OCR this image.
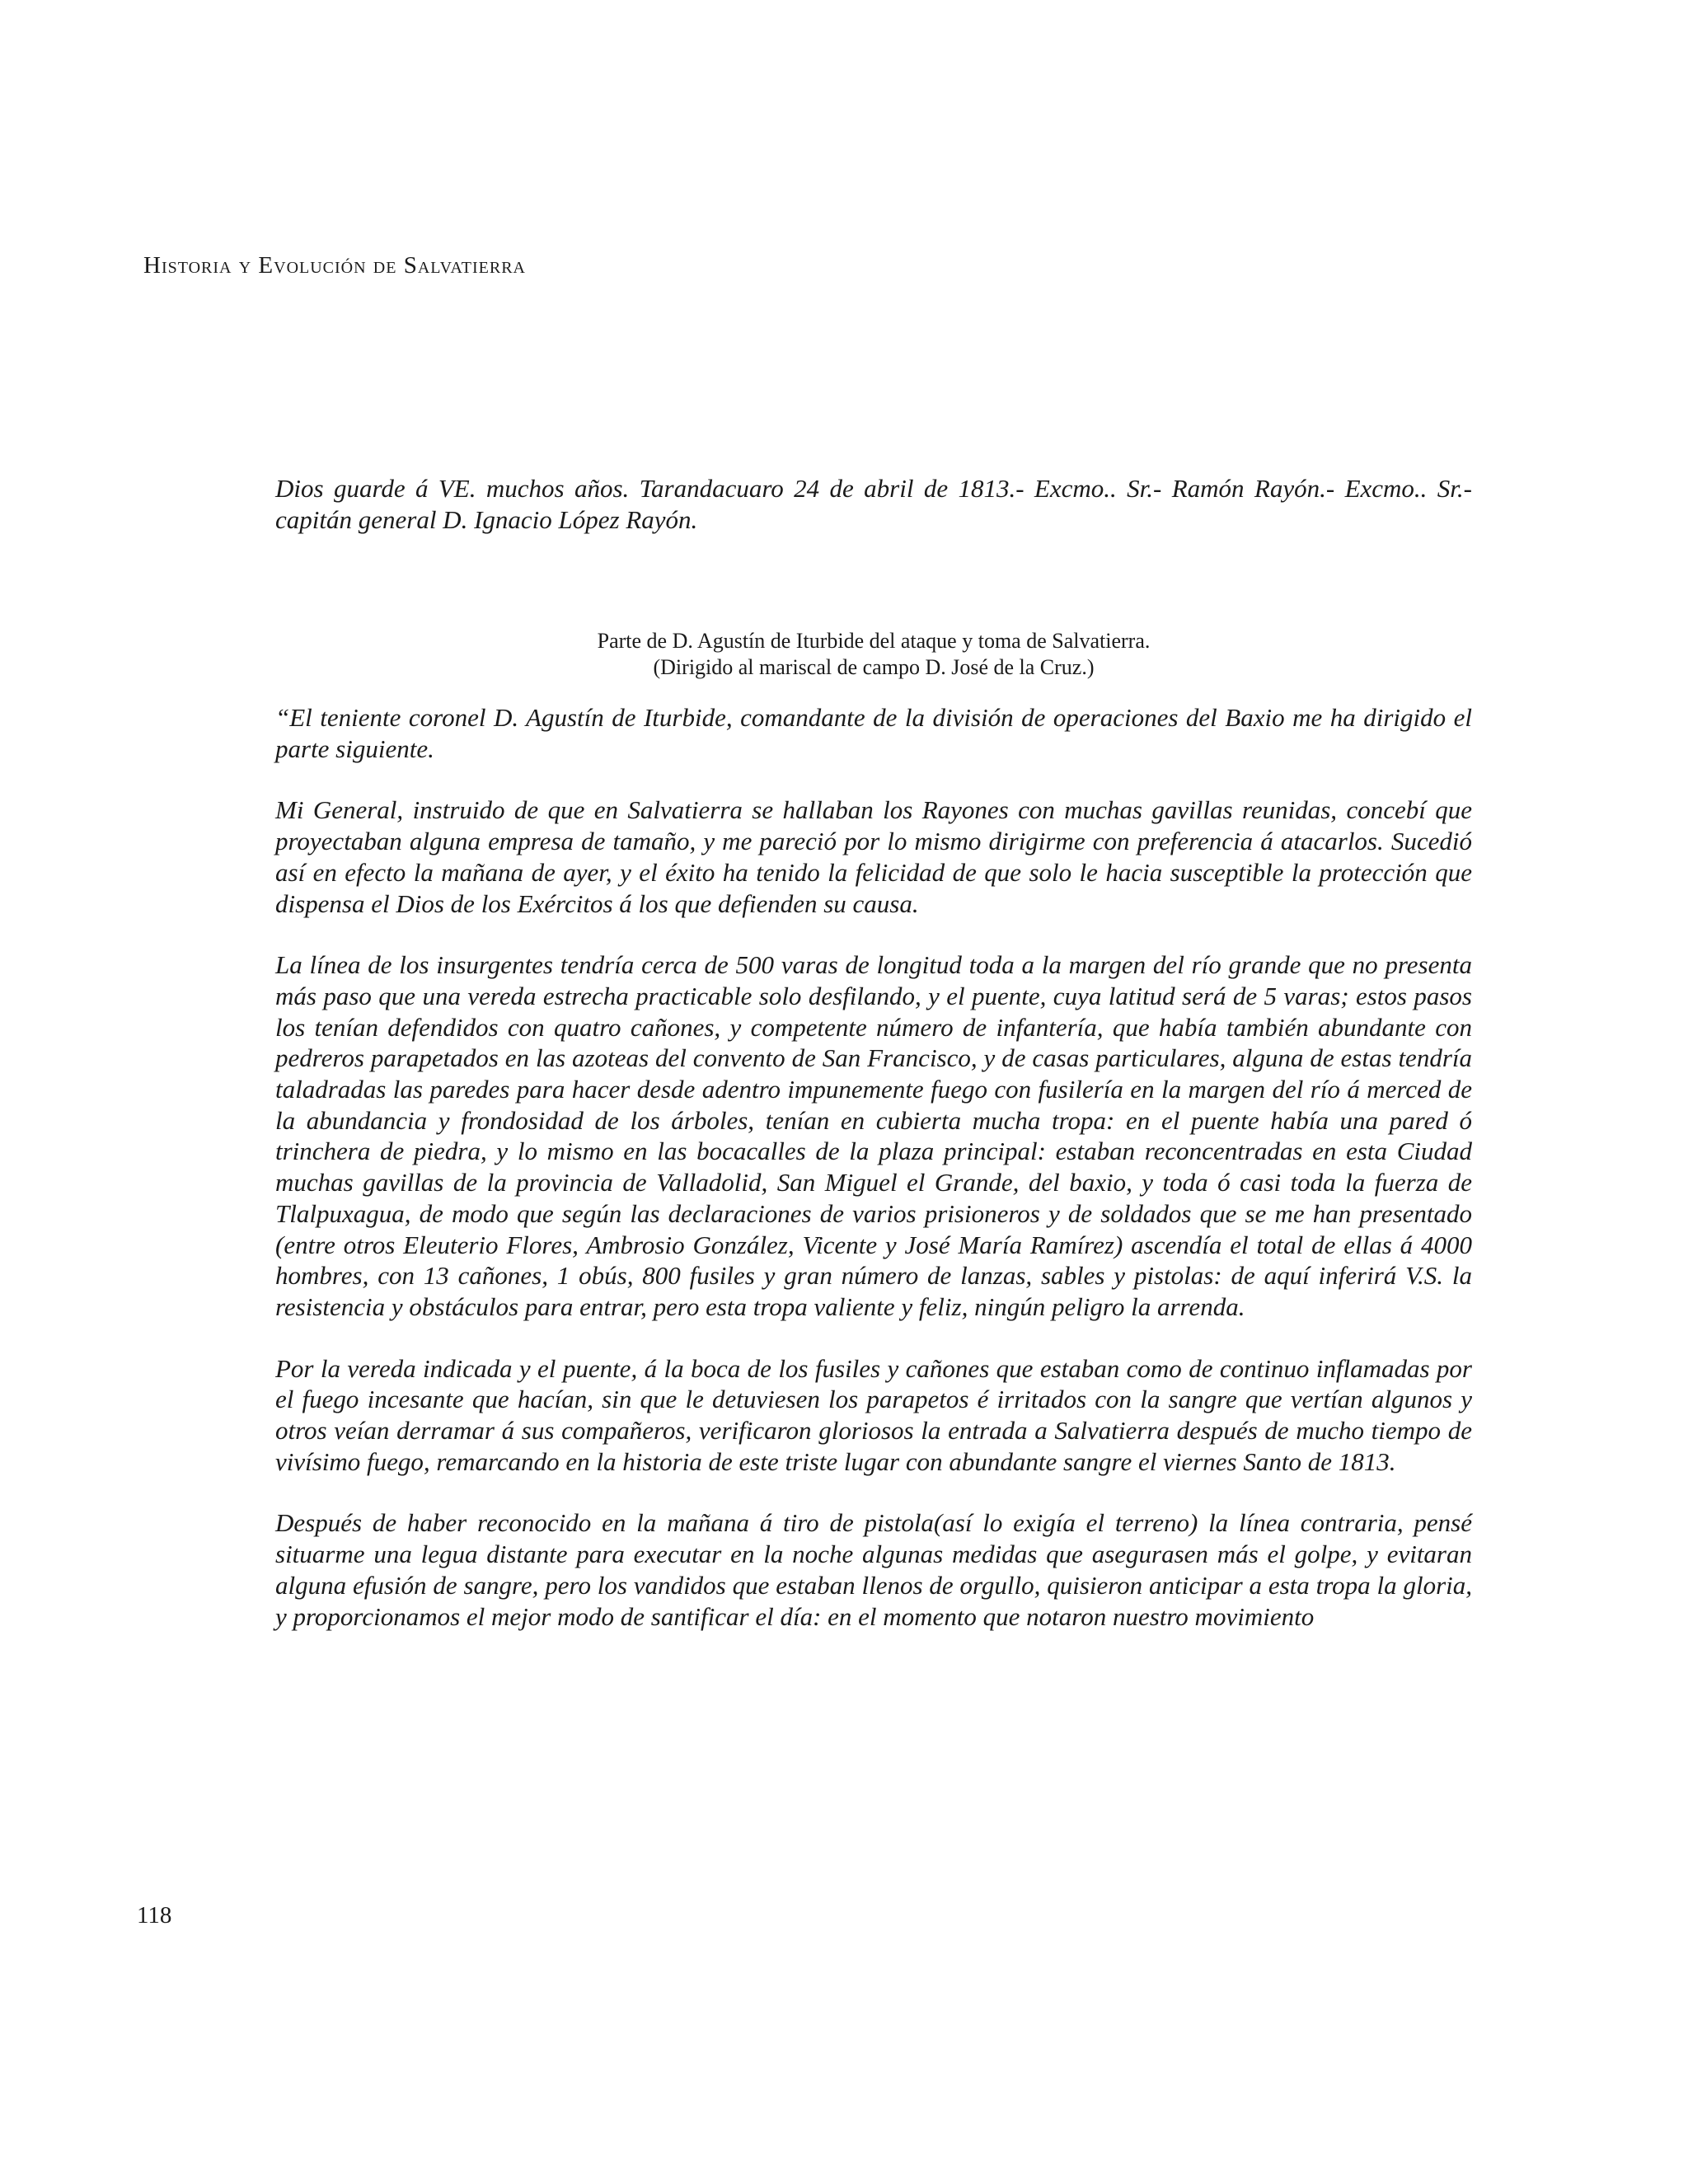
Historia y Evolución de Salvatierra

Dios guarde á VE. muchos años. Tarandacuaro 24 de abril de 1813.- Excmo.. Sr.- Ramón Rayón.- Excmo.. Sr.- capitán general D. Ignacio López Rayón.

Parte de D. Agustín de Iturbide del ataque y toma de Salvatierra.
(Dirigido al mariscal de campo D. José de la Cruz.)

“El teniente coronel D. Agustín de Iturbide, comandante de la división de operaciones del Baxio me ha dirigido el parte siguiente.

Mi General, instruido de que en Salvatierra se hallaban los Rayones con muchas gavillas reunidas, concebí que proyectaban alguna empresa de tamaño, y me pareció por lo mismo dirigirme con preferencia á atacarlos. Sucedió así en efecto la mañana de ayer, y el éxito ha tenido la felicidad de que solo le hacia susceptible la protección que dispensa el Dios de los Exércitos á los que defienden su causa.

La línea de los insurgentes tendría cerca de 500 varas de longitud toda a la margen del río grande que no presenta más paso que una vereda estrecha practicable solo desfilando, y el puente, cuya latitud será de 5 varas; estos pasos los tenían defendidos con quatro cañones, y competente número de infantería, que había también abundante con pedreros parapetados en las azoteas del convento de San Francisco, y de casas particulares, alguna de estas tendría taladradas las paredes para hacer desde adentro impunemente fuego con fusilería en la margen del río á merced de la abundancia y frondosidad de los árboles, tenían en cubierta mucha tropa: en el puente había una pared ó trinchera de piedra, y lo mismo en las bocacalles de la plaza principal: estaban reconcentradas en esta Ciudad muchas gavillas de la provincia de Valladolid, San Miguel el Grande, del baxio, y toda ó casi toda la fuerza de Tlalpuxagua, de modo que según las declaraciones de varios prisioneros y de soldados que se me han presentado (entre otros Eleuterio Flores, Ambrosio González, Vicente y José María Ramírez) ascendía el total de ellas á 4000 hombres, con 13 cañones, 1 obús, 800 fusiles y gran número de lanzas, sables y pistolas: de aquí inferirá V.S. la resistencia y obstáculos para entrar, pero esta tropa valiente y feliz, ningún peligro la arrenda.

Por la vereda indicada y el puente, á la boca de los fusiles y cañones que estaban como de continuo inflamadas por el fuego incesante que hacían, sin que le detuviesen los parapetos é irritados con la sangre que vertían algunos y otros veían derramar á sus compañeros, verificaron gloriosos la entrada a Salvatierra después de mucho tiempo de vivísimo fuego, remarcando en la historia de este triste lugar con abundante sangre el viernes Santo de 1813.

Después de haber reconocido en la mañana á tiro de pistola(así lo exigía el terreno) la línea contraria, pensé situarme una legua distante para executar en la noche algunas medidas que asegurasen más el golpe, y evitaran alguna efusión de sangre, pero los vandidos que estaban llenos de orgullo, quisieron anticipar a esta tropa la gloria, y proporcionamos el mejor modo de santificar el día: en el momento que notaron nuestro movimiento

118
